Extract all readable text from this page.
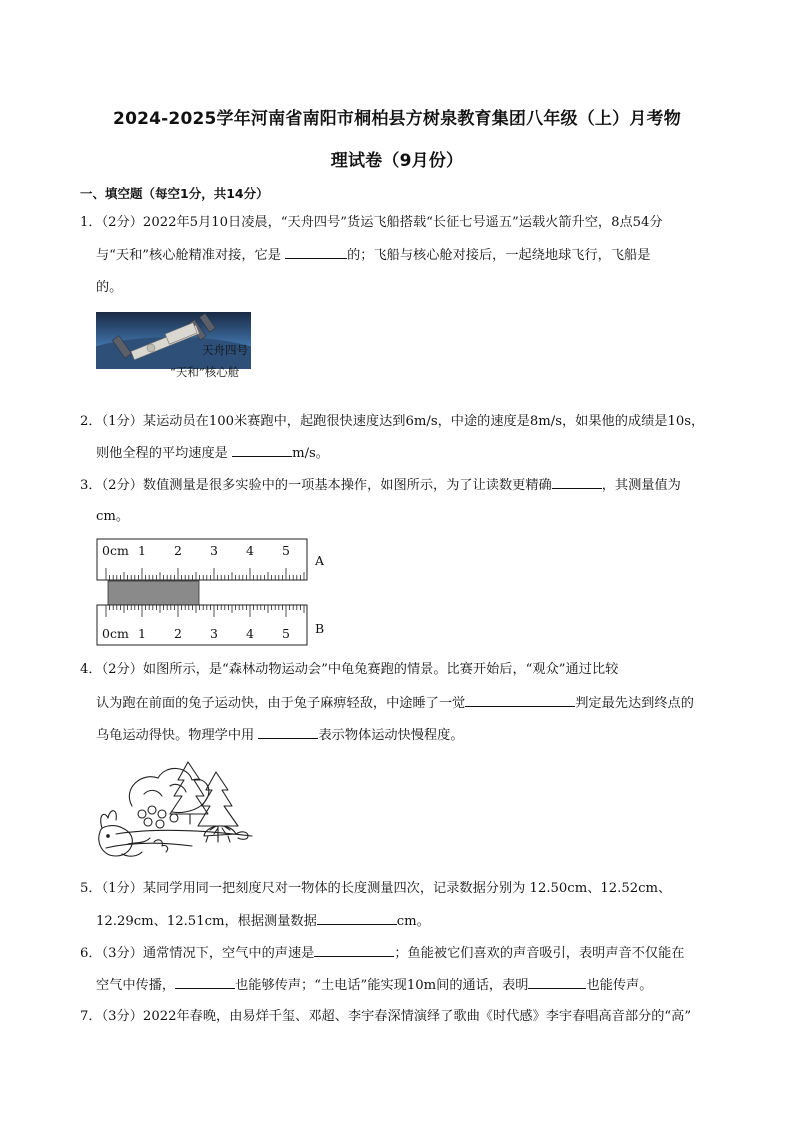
2024-2025学年河南省南阳市桐柏县方树泉教育集团八年级（上）月考物
理试卷（9月份）
一、填空题（每空1分，共14分）
1．（2分）2022年5月10日凌晨，“天舟四号”货运飞船搭载“长征七号遥五”运载火箭升空，8点54分
与“天和”核心舱精准对接，它是	的；飞船与核心舱对接后，一起绕地球飞行，飞船是
的。
天舟四号
“天和”核心舱
2．（1分）某运动员在100米赛跑中，起跑很快速度达到6m/s，中途的速度是8m/s，如果他的成绩是10s，
则他全程的平均速度是	m/s。
3．（2分）数值测量是很多实验中的一项基本操作，如图所示，为了让读数更精确	，其测量值为
cm。
0cm 1 2 3 4 5
A
0cm 1 2 3 4 5 B
4．（2分）如图所示，是“森林动物运动会”中龟兔赛跑的情景。比赛开始后，“观众”通过比较
认为跑在前面的兔子运动快，由于兔子麻痹轻敌，中途睡了一觉	判定最先达到终点的
乌龟运动得快。物理学中用	表示物体运动快慢程度。
5．（1分）某同学用同一把刻度尺对一物体的长度测量四次，记录数据分别为 12.50cm、12.52cm、
12.29cm、12.51cm，根据测量数据	cm。
6．（3分）通常情况下，空气中的声速是	；鱼能被它们喜欢的声音吸引，表明声音不仅能在
空气中传播，	也能够传声；“土电话”能实现10m间的通话，表明	也能传声。
7．（3分）2022年春晚，由易烊千玺、邓超、李宇春深情演绎了歌曲《时代感》李宇春唱高音部分的“高”
